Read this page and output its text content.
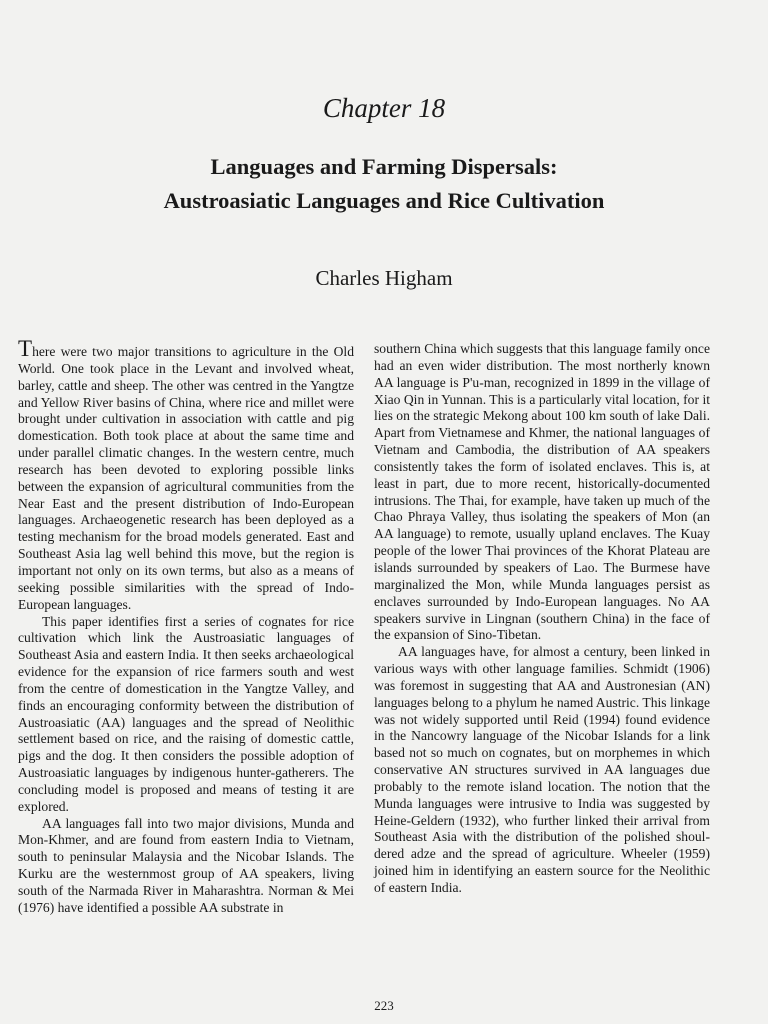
Chapter 18
Languages and Farming Dispersals:
Austroasiatic Languages and Rice Cultivation
Charles Higham

There were two major transitions to agriculture in the Old World. One took place in the Levant and involved wheat, barley, cattle and sheep. The other was centred in the Yangtze and Yellow River basins of China, where rice and millet were brought under cultivation in association with cattle and pig domestication. Both took place at about the same time and under parallel climatic changes. In the western centre, much research has been devoted to exploring possible links between the expansion of agricultural communities from the Near East and the present distribution of Indo-European languages. Archaeogenetic research has been deployed as a testing mechanism for the broad models generated. East and Southeast Asia lag well behind this move, but the region is important not only on its own terms, but also as a means of seeking possible similarities with the spread of Indo-European languages.

This paper identifies first a series of cognates for rice cultivation which link the Austroasiatic languages of Southeast Asia and eastern India. It then seeks archaeological evidence for the expansion of rice farmers south and west from the centre of domestication in the Yangtze Valley, and finds an encouraging conformity between the distribution of Austroasiatic (AA) languages and the spread of Neolithic settlement based on rice, and the raising of domestic cattle, pigs and the dog. It then considers the possible adoption of Austroasiatic languages by indigenous hunter-gatherers. The concluding model is proposed and means of testing it are explored.

AA languages fall into two major divisions, Munda and Mon-Khmer, and are found from eastern India to Vietnam, south to peninsular Malaysia and the Nicobar Islands. The Kurku are the westernmost group of AA speakers, living south of the Narmada River in Maharashtra. Norman & Mei (1976) have identified a possible AA substrate in

southern China which suggests that this language family once had an even wider distribution. The most northerly known AA language is P'u-man, recognized in 1899 in the village of Xiao Qin in Yunnan. This is a particularly vital location, for it lies on the strategic Mekong about 100 km south of lake Dali. Apart from Vietnamese and Khmer, the national languages of Vietnam and Cambodia, the distribution of AA speakers consistently takes the form of isolated enclaves. This is, at least in part, due to more recent, historically-documented intrusions. The Thai, for example, have taken up much of the Chao Phraya Valley, thus isolating the speakers of Mon (an AA language) to remote, usually upland enclaves. The Kuay people of the lower Thai provinces of the Khorat Plateau are islands surrounded by speakers of Lao. The Burmese have marginalized the Mon, while Munda languages persist as enclaves surrounded by Indo-European languages. No AA speakers survive in Lingnan (southern China) in the face of the expansion of Sino-Tibetan.

AA languages have, for almost a century, been linked in various ways with other language families. Schmidt (1906) was foremost in suggesting that AA and Austronesian (AN) languages belong to a phylum he named Austric. This linkage was not widely supported until Reid (1994) found evidence in the Nancowry language of the Nicobar Islands for a link based not so much on cognates, but on morphemes in which conservative AN structures survived in AA languages due probably to the remote island location. The notion that the Munda languages were intrusive to India was suggested by Heine-Geldern (1932), who further linked their arrival from Southeast Asia with the distribution of the polished shouldered adze and the spread of agriculture. Wheeler (1959) joined him in identifying an eastern source for the Neolithic of eastern India.

223
